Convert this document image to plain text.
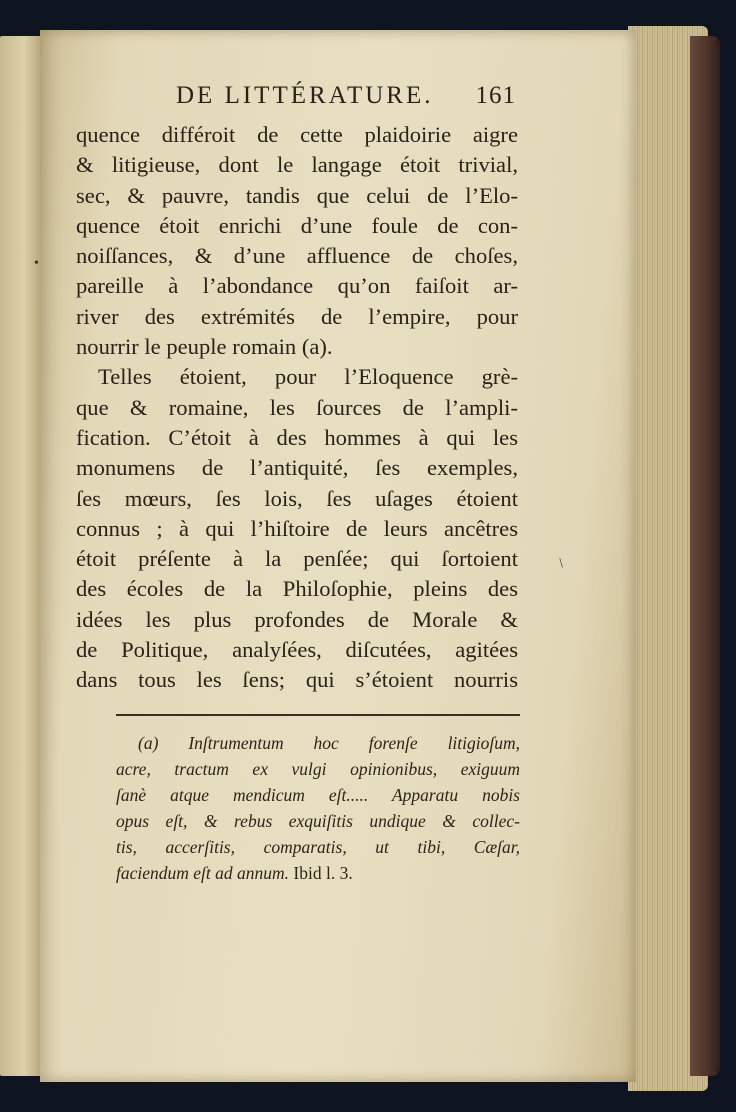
DE LITTÉRATURE. 161

quence différoit de cette plaidoirie aigre
& litigieuse, dont le langage étoit trivial,
sec, & pauvre, tandis que celui de l’Elo-
quence étoit enrichi d’une foule de con-
noiſſances, & d’une affluence de choſes,
pareille à l’abondance qu’on faiſoit ar-
river des extrémités de l’empire, pour
nourrir le peuple romain (a).

Telles étoient, pour l’Eloquence grè-
que & romaine, les ſources de l’ampli-
fication. C’étoit à des hommes à qui les
monumens de l’antiquité, ſes exemples,
ſes mœurs, ſes lois, ſes uſages étoient
connus ; à qui l’hiſtoire de leurs ancêtres
étoit préſente à la penſée; qui ſortoient
des écoles de la Philoſophie, pleins des
idées les plus profondes de Morale &
de Politique, analyſées, diſcutées, agitées
dans tous les ſens; qui s’étoient nourris

(a) Inſtrumentum hoc forenſe litigioſum,
acre, tractum ex vulgi opinionibus, exiguum
ſanè atque mendicum eſt..... Apparatu nobis
opus eſt, & rebus exquiſitis undique & collec-
tis, accerſitis, comparatis, ut tibi, Cæſar,
faciendum eſt ad annum. Ibid l. 3.
/
•
